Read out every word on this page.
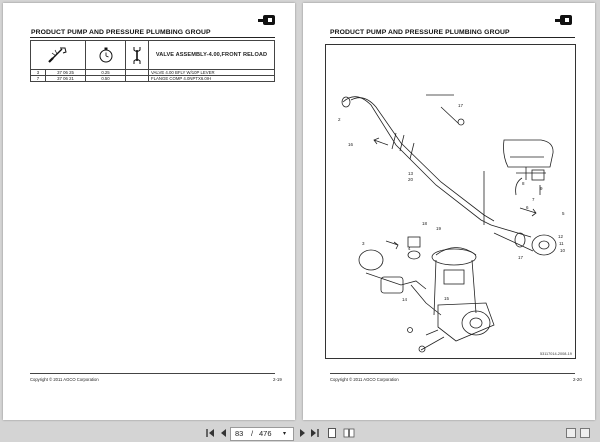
PRODUCT PUMP AND PRESSURE PLUMBING GROUP
			VALVE ASSEMBLY-4.00,FRONT RELOAD
3	37 06 25	0.25		VALVE 4.00 BFLY W/10P LEVER
7	37 06 21	0.50		FLANGE COMP 4.0NPTX6.0IH
Copyright © 2011 AGCO Corporation	2-19
PRODUCT PUMP AND PRESSURE PLUMBING GROUP
2
17
16
9
13
20
8
7
6
5
12
11
10
17
18
19
3
4
14	15
53117014-2008-19
Copyright © 2011 AGCO Corporation	2-20
83 / 476 ▾
